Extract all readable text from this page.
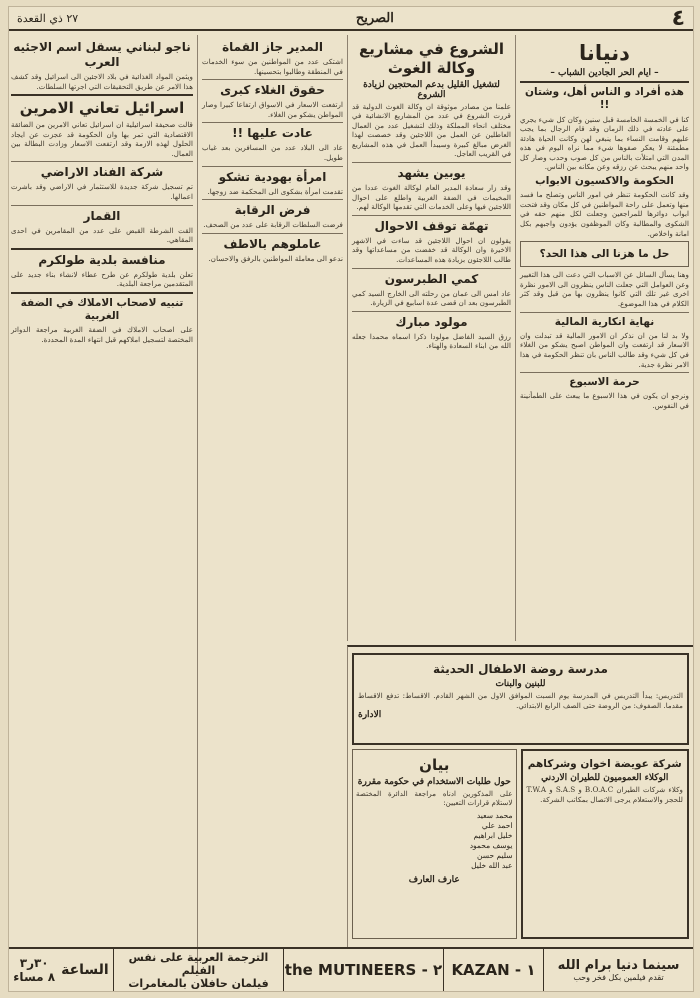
٤
الصريح
٢٧ ذي القعدة
دنيانا
– ايام الحر الجادين الشباب –
هذه أفراد و الناس أهل، وشتان !!
كنا في الخمسة الخامسة قبل سنين وكان كل شيء يجري على عادته في ذلك الزمان وقد قام الرجال بما يجب عليهم وقامت النساء بما ينبغي لهن وكانت الحياة هادئة مطمئنة لا يعكر صفوها شيء مما نراه اليوم في هذه المدن التي امتلأت بالناس من كل صوب وحدب وصار كل واحد منهم يبحث عن رزقه وعن مكانه بين الناس.
الحكومة والاكسيون الابواب
وقد كانت الحكومة تنظر في امور الناس وتصلح ما فسد منها وتعمل على راحة المواطنين في كل مكان وقد فتحت ابواب دوائرها للمراجعين وجعلت لكل منهم حقه في الشكوى والمطالبة وكان الموظفون يؤدون واجبهم بكل امانة واخلاص.
حل ما هزنا الى هذا الحد؟
وهنا يسأل السائل عن الاسباب التي دعت الى هذا التغيير وعن العوامل التي جعلت الناس ينظرون الى الامور نظرة اخرى غير تلك التي كانوا ينظرون بها من قبل وقد كثر الكلام في هذا الموضوع.
نهاية انكارية المالية
ولا بد لنا من ان نذكر ان الامور المالية قد تبدلت وان الاسعار قد ارتفعت وان المواطن اصبح يشكو من الغلاء في كل شيء وقد طالب الناس بان تنظر الحكومة في هذا الامر نظرة جدية.
حرمة الاسبوع
ونرجو ان يكون في هذا الاسبوع ما يبعث على الطمأنينة في النفوس.
الشروع في مشاريع وكالة الغوث
لتشغيل القليل بدعم المحتجين لزيادة الشروع
علمنا من مصادر موثوقة ان وكالة الغوث الدولية قد قررت الشروع في عدد من المشاريع الانشائية في مختلف انحاء المملكة وذلك لتشغيل عدد من العمال العاطلين عن العمل من اللاجئين وقد خصصت لهذا الغرض مبالغ كبيرة وسيبدأ العمل في هذه المشاريع في القريب العاجل.
يوبين يشهد
وقد زار سعادة المدير العام لوكالة الغوث عددا من المخيمات في الضفة الغربية واطلع على احوال اللاجئين فيها وعلى الخدمات التي تقدمها الوكالة لهم.
تهمّة توقف الاحوال
يقولون ان احوال اللاجئين قد ساءت في الاشهر الاخيرة وان الوكالة قد خفضت من مساعداتها وقد طالب اللاجئون بزيادة هذه المساعدات.
كمي الطبرسون
عاد امس الى عمان من رحلته الى الخارج السيد كمي الطبرسون بعد ان قضى عدة اسابيع في الزيارة.
مولود مبارك
رزق السيد الفاضل مولودا ذكرا اسماه محمدا جعله الله من ابناء السعادة والهناء.
المدير جاز القماة
اشتكى عدد من المواطنين من سوء الخدمات في المنطقة وطالبوا بتحسينها.
حقوق الغلاء كبرى
ارتفعت الاسعار في الاسواق ارتفاعا كبيرا وصار المواطن يشكو من الغلاء.
عادت عليها !!
عاد الى البلاد عدد من المسافرين بعد غياب طويل.
امرأة بهودية تشكو
تقدمت امرأة بشكوى الى المحكمة ضد زوجها.
فرض الرقابة
فرضت السلطات الرقابة على عدد من الصحف.
عاملوهم بالاطف
ندعو الى معاملة المواطنين بالرفق والاحسان.
ناجو لبناني يسقل اسم الاجئيه العرب
ويثمن المواد الغذائية في بلاد الاجئين الى اسرائيل وقد كشف هذا الامر عن طريق التحقيقات التي اجرتها السلطات.
اسرائيل تعاني الامرين
قالت صحيفة اسرائيلية ان اسرائيل تعاني الامرين من الضائقة الاقتصادية التي تمر بها وان الحكومة قد عجزت عن ايجاد الحلول لهذه الازمة وقد ارتفعت الاسعار وزادت البطالة بين العمال.
شركة الفناد الاراضي
تم تسجيل شركة جديدة للاستثمار في الاراضي وقد باشرت اعمالها.
القمار
القت الشرطة القبض على عدد من المقامرين في احدى المقاهي.
منافسة بلدية طولكرم
تعلن بلدية طولكرم عن طرح عطاء لانشاء بناء جديد على المتقدمين مراجعة البلدية.
تنبيه لاصحاب الاملاك في الضفة الغربية
على اصحاب الاملاك في الضفة الغربية مراجعة الدوائر المختصة لتسجيل املاكهم قبل انتهاء المدة المحددة.
مدرسة روضة الاطفال الحديثة
للبنين والبنات
التدريس: يبدأ التدريس في المدرسة يوم السبت الموافق الاول من الشهر القادم. الاقساط: تدفع الاقساط مقدما. الصفوف: من الروضة حتى الصف الرابع الابتدائي.
الادارة
شركة عويضة اخوان وشركاهم
الوكلاء العموميون للطيران الاردني
وكلاء شركات الطيران B.O.A.C و S.A.S و T.W.A للحجز والاستعلام يرجى الاتصال بمكاتب الشركة.
بيان
حول طلبات الاستخدام في حكومة مقررة
على المذكورين ادناه مراجعة الدائرة المختصة لاستلام قرارات التعيين:
محمد سعيد
احمد علي
خليل ابراهيم
يوسف محمود
سليم حسن
عبد الله خليل
عارف العارف
سينما دنيا برام الله
تقدم فيلمين بكل فخر وحب
KAZAN - ١
the MUTINEERS - ٢
الترجمة العربية على نفس الفيلم
فيلمان حافلان بالمغامرات
الساعة
٣٠ر٣
٨ مساء
